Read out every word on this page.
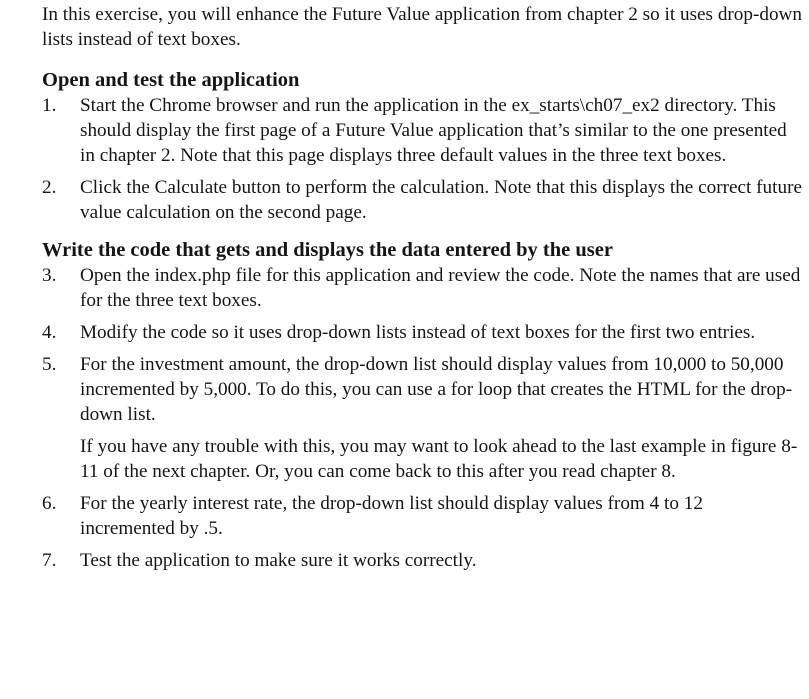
In this exercise, you will enhance the Future Value application from chapter 2 so it uses drop-down lists instead of text boxes.

Open and test the application
1. Start the Chrome browser and run the application in the ex_starts\ch07_ex2 directory. This should display the first page of a Future Value application that’s similar to the one presented in chapter 2. Note that this page displays three default values in the three text boxes.

2. Click the Calculate button to perform the calculation. Note that this displays the correct future value calculation on the second page.

Write the code that gets and displays the data entered by the user
3. Open the index.php file for this application and review the code. Note the names that are used for the three text boxes.

4. Modify the code so it uses drop-down lists instead of text boxes for the first two entries.

5. For the investment amount, the drop-down list should display values from 10,000 to 50,000 incremented by 5,000. To do this, you can use a for loop that creates the HTML for the drop-down list.

If you have any trouble with this, you may want to look ahead to the last example in figure 8-11 of the next chapter. Or, you can come back to this after you read chapter 8.

6. For the yearly interest rate, the drop-down list should display values from 4 to 12 incremented by .5.

7. Test the application to make sure it works correctly.
